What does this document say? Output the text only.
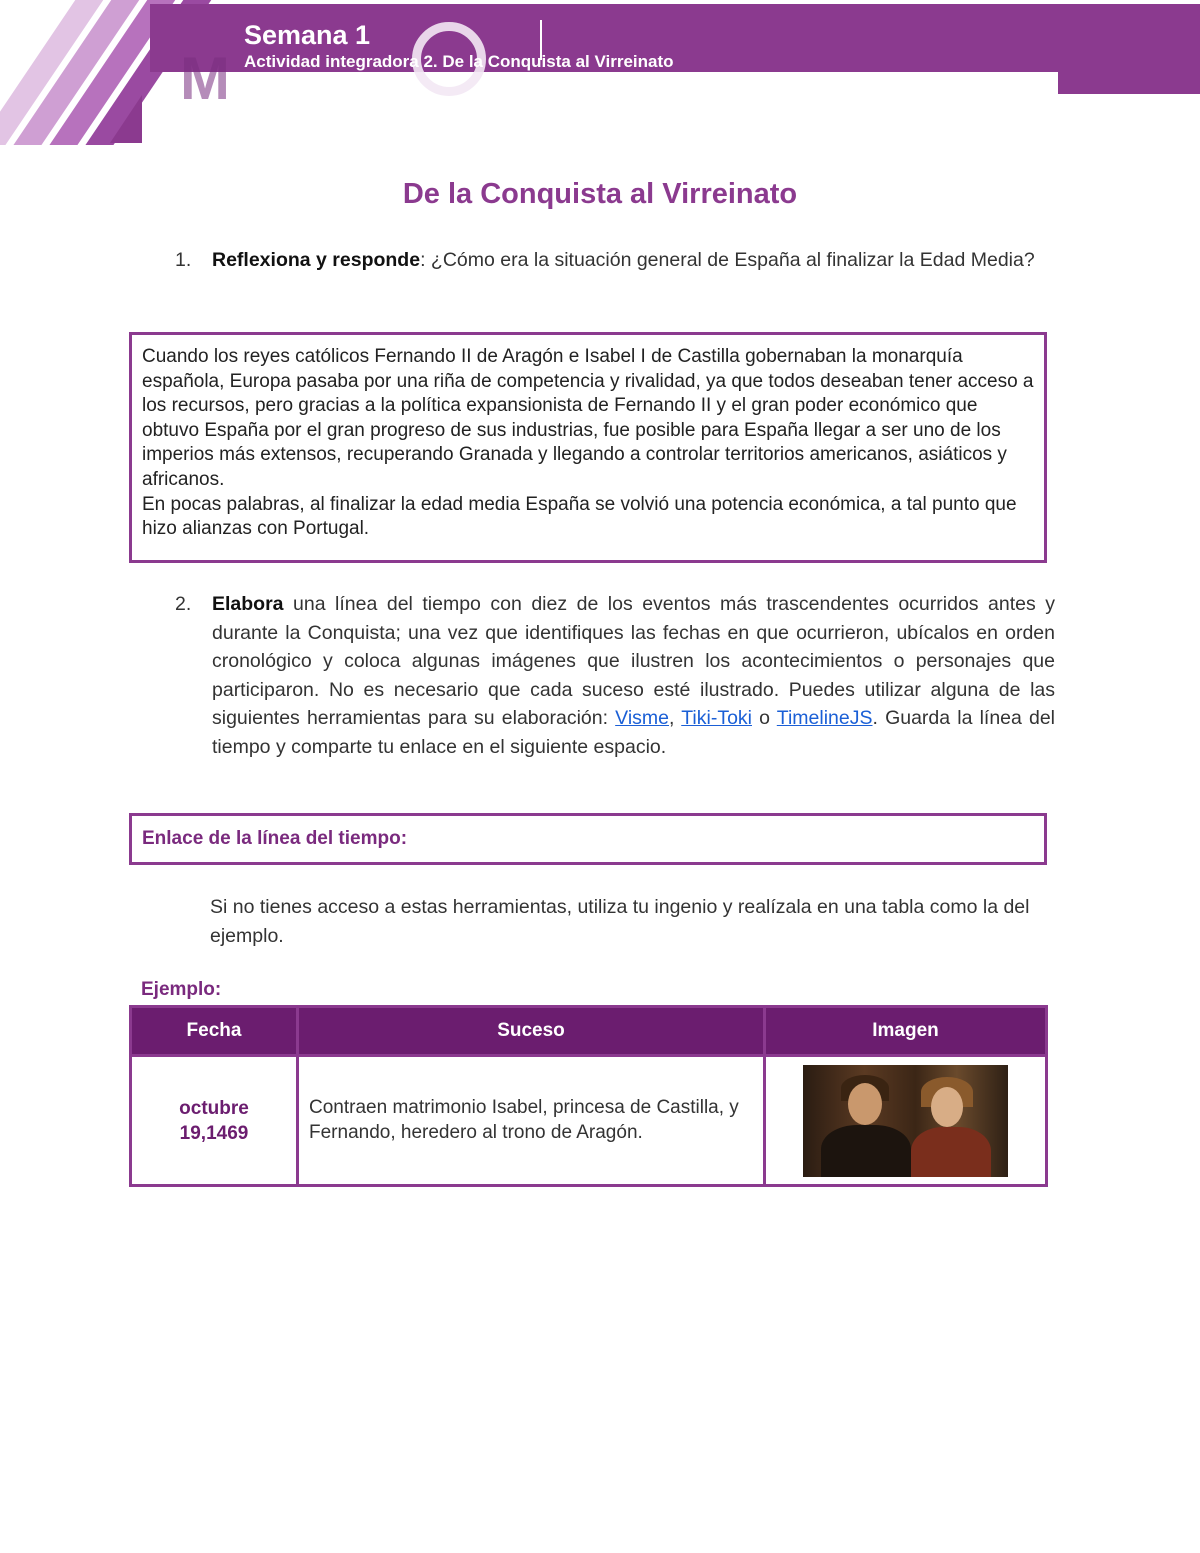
M
Semana 1
Actividad integradora 2. De la Conquista al Virreinato
De la Conquista al Virreinato
1. Reflexiona y responde: ¿Cómo era la situación general de España al finalizar la Edad Media?

Cuando los reyes católicos Fernando II de Aragón e Isabel I de Castilla gobernaban la monarquía española, Europa pasaba por una riña de competencia y rivalidad, ya que todos deseaban tener acceso a los recursos, pero gracias a la política expansionista de Fernando II y el gran poder económico que obtuvo España por el gran progreso de sus industrias, fue posible para España llegar a ser uno de los imperios más extensos, recuperando Granada y llegando a controlar territorios americanos, asiáticos y africanos.

En pocas palabras, al finalizar la edad media España se volvió una potencia económica, a tal punto que hizo alianzas con Portugal.

2. Elabora una línea del tiempo con diez de los eventos más trascendentes ocurridos antes y durante la Conquista; una vez que identifiques las fechas en que ocurrieron, ubícalos en orden cronológico y coloca algunas imágenes que ilustren los acontecimientos o personajes que participaron. No es necesario que cada suceso esté ilustrado. Puedes utilizar alguna de las siguientes herramientas para su elaboración: Visme, Tiki-Toki o TimelineJS. Guarda la línea del tiempo y comparte tu enlace en el siguiente espacio.
Enlace de la línea del tiempo:
Si no tienes acceso a estas herramientas, utiliza tu ingenio y realízala en una tabla como la del ejemplo.
Ejemplo:
Fecha	Suceso	Imagen

octubre
19,1469	Contraen matrimonio Isabel, princesa de Castilla, y Fernando, heredero al trono de Aragón.	
